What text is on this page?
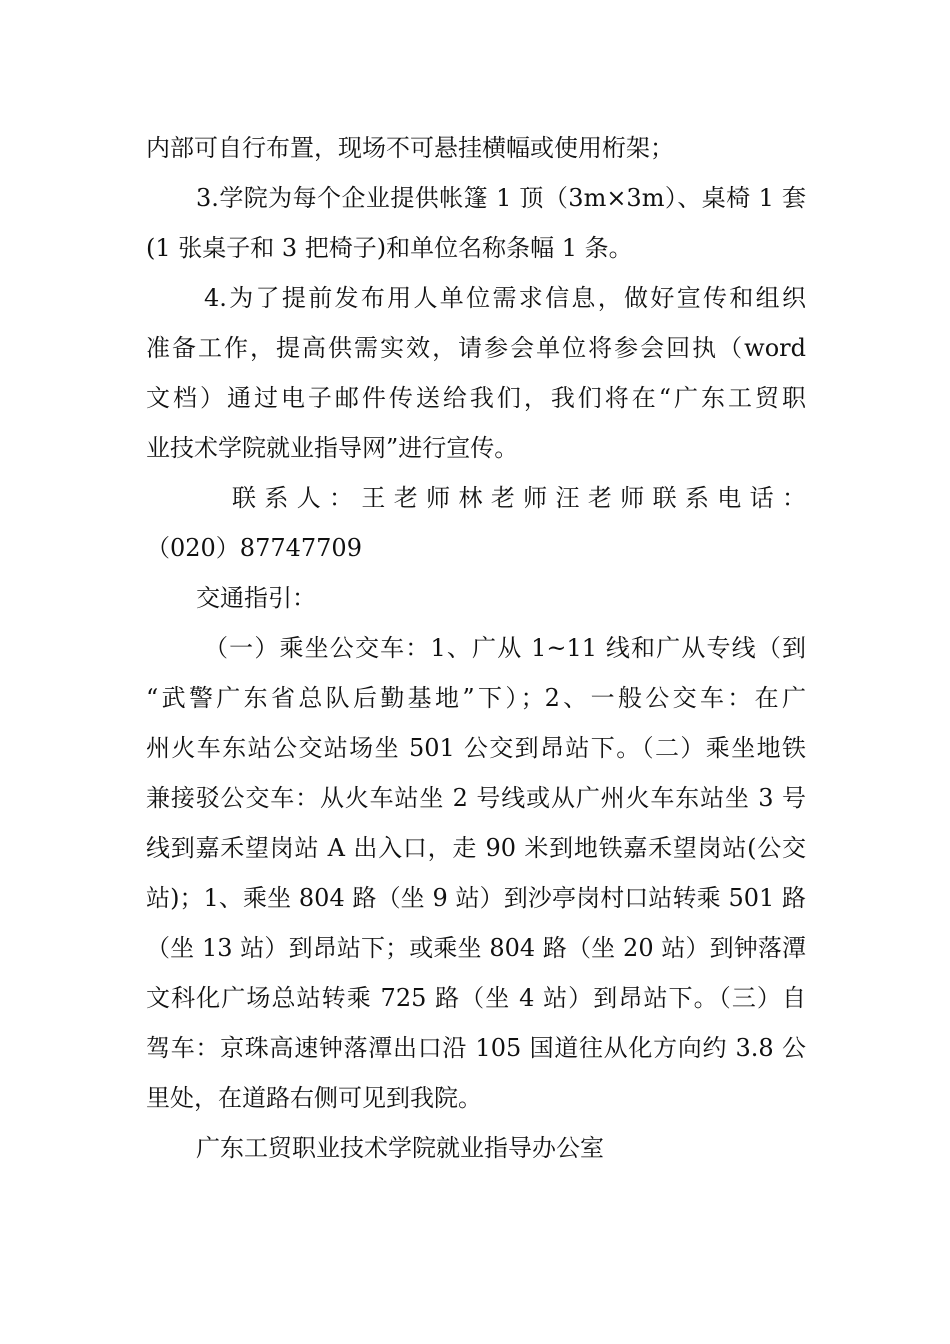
内部可自行布置，现场不可悬挂横幅或使用桁架；
3.学院为每个企业提供帐篷 1 顶（3m×3m）、桌椅 1 套
(1 张桌子和 3 把椅子)和单位名称条幅 1 条。
4.为了提前发布用人单位需求信息，做好宣传和组织
准备工作，提高供需实效，请参会单位将参会回执（word
文档）通过电子邮件传送给我们，我们将在“广东工贸职
业技术学院就业指导网”进行宣传。
联系人：王老师林老师汪老师联系电话：
（020）87747709
交通指引：
（一）乘坐公交车：1、广从 1~11 线和广从专线（到
“武警广东省总队后勤基地”下）；2、一般公交车：在广
州火车东站公交站场坐 501 公交到昂站下。（二）乘坐地铁
兼接驳公交车：从火车站坐 2 号线或从广州火车东站坐 3 号
线到嘉禾望岗站 A 出入口，走 90 米到地铁嘉禾望岗站(公交
站)；1、乘坐 804 路（坐 9 站）到沙亭岗村口站转乘 501 路
（坐 13 站）到昂站下；或乘坐 804 路（坐 20 站）到钟落潭
文科化广场总站转乘 725 路（坐 4 站）到昂站下。（三）自
驾车：京珠高速钟落潭出口沿 105 国道往从化方向约 3.8 公
里处，在道路右侧可见到我院。
广东工贸职业技术学院就业指导办公室
